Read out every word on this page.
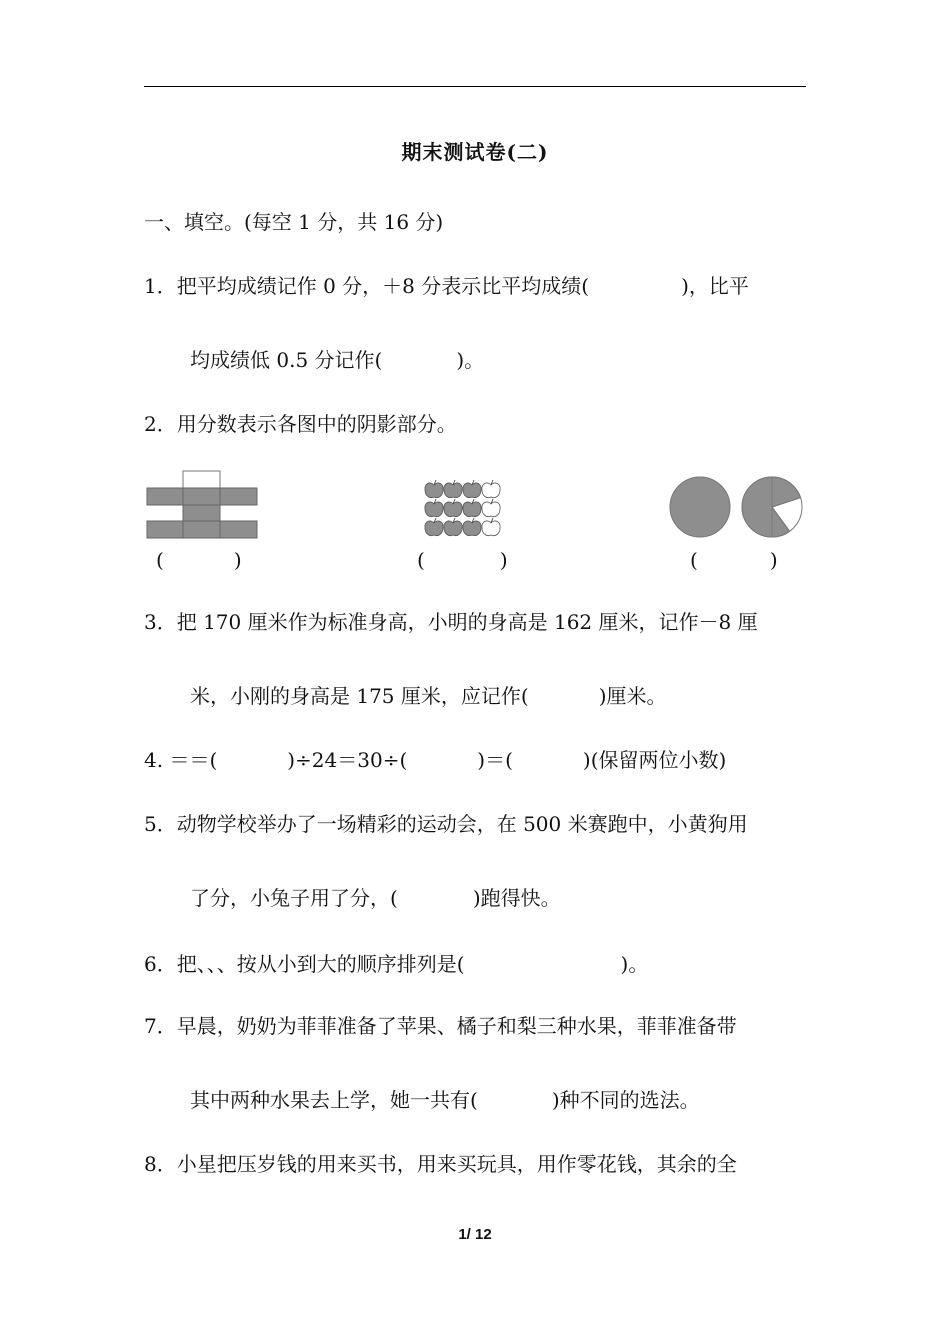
期末测试卷(二)
一、填空。(每空 1 分，共 16 分)
1．把平均成绩记作 0 分，＋8 分表示比平均成绩(	)，比平
均成绩低 0.5 分记作(	)。
2．用分数表示各图中的阴影部分。
(	)	(	)	(	)
3．把 170 厘米作为标准身高，小明的身高是 162 厘米，记作－8 厘
米，小刚的身高是 175 厘米，应记作(	)厘米。
4. ＝＝(	)÷24＝30÷(	)＝(	)(保留两位小数)
5．动物学校举办了一场精彩的运动会，在 500 米赛跑中，小黄狗用
了分，小兔子用了分，(	)跑得快。
6．把、、、按从小到大的顺序排列是(	)。
7．早晨，奶奶为菲菲准备了苹果、橘子和梨三种水果，菲菲准备带
其中两种水果去上学，她一共有(	)种不同的选法。
8．小星把压岁钱的用来买书，用来买玩具，用作零花钱，其余的全
1/ 12
